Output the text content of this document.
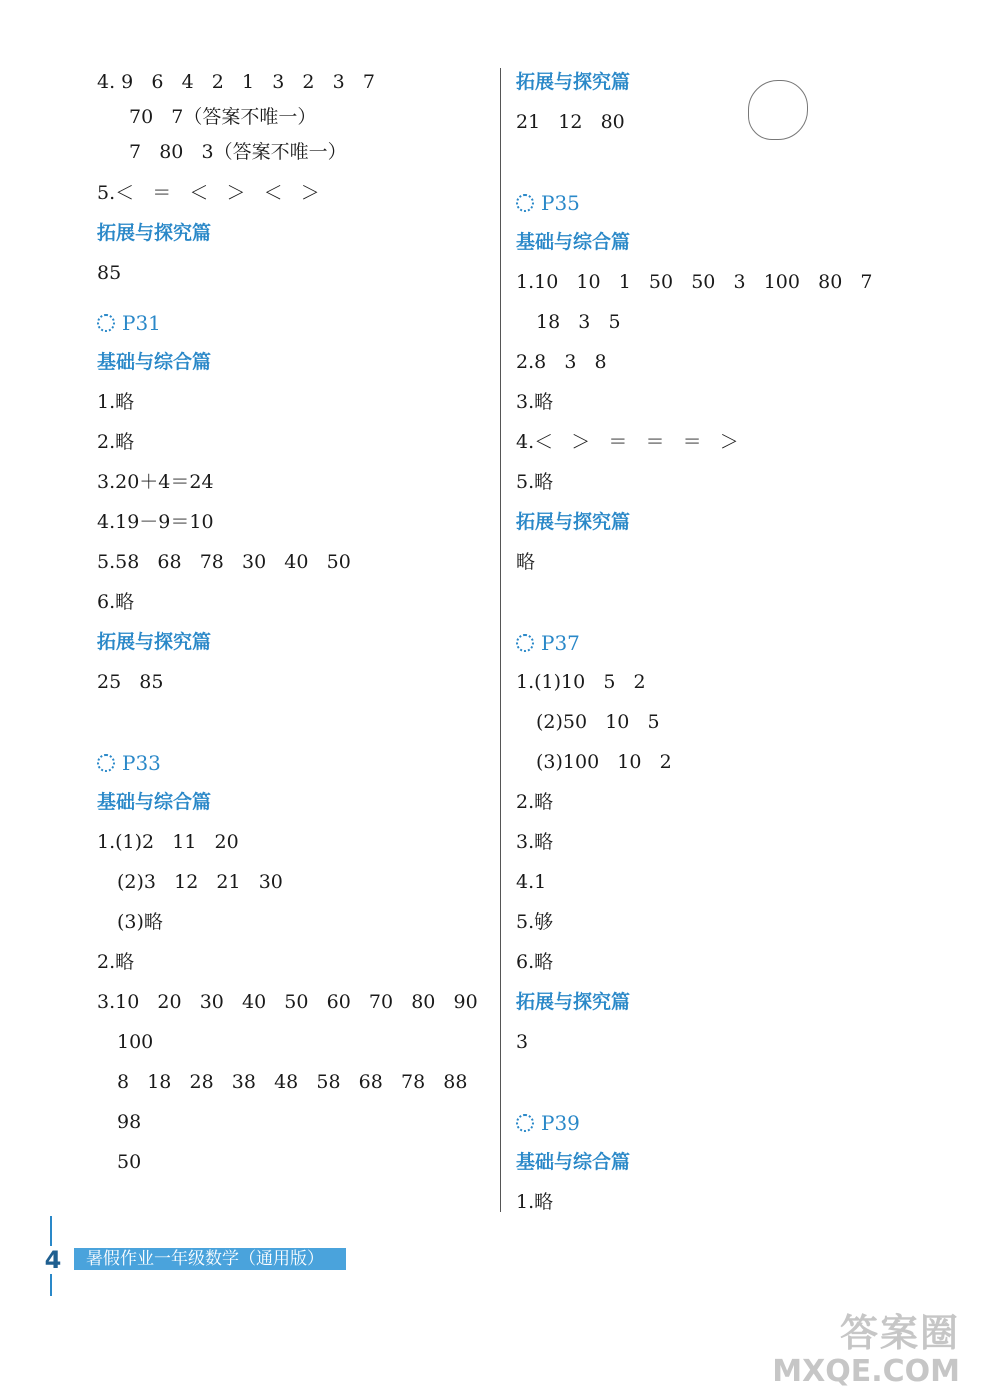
4. 9   6   4   2   1   3   2   3   7
70   7（答案不唯一）
7   80   3（答案不唯一）
5.＜   ＝   ＜   ＞   ＜   ＞
拓展与探究篇
85
P31
基础与综合篇
1.略
2.略
3.20＋4＝24
4.19－9＝10
5.58   68   78   30   40   50
6.略
拓展与探究篇
25   85
P33
基础与综合篇
1.(1)2   11   20
(2)3   12   21   30
(3)略
2.略
3.10   20   30   40   50   60   70   80   90
100
8   18   28   38   48   58   68   78   88
98
50
拓展与探究篇
21   12   80
P35
基础与综合篇
1.10   10   1   50   50   3   100   80   7
18   3   5
2.8   3   8
3.略
4.＜   ＞   ＝   ＝   ＝   ＞
5.略
拓展与探究篇
略
P37
1.(1)10   5   2
(2)50   10   5
(3)100   10   2
2.略
3.略
4.1
5.够
6.略
拓展与探究篇
3
P39
基础与综合篇
1.略
4	暑假作业一年级数学（通用版）
答案圈
MXQE.COM
